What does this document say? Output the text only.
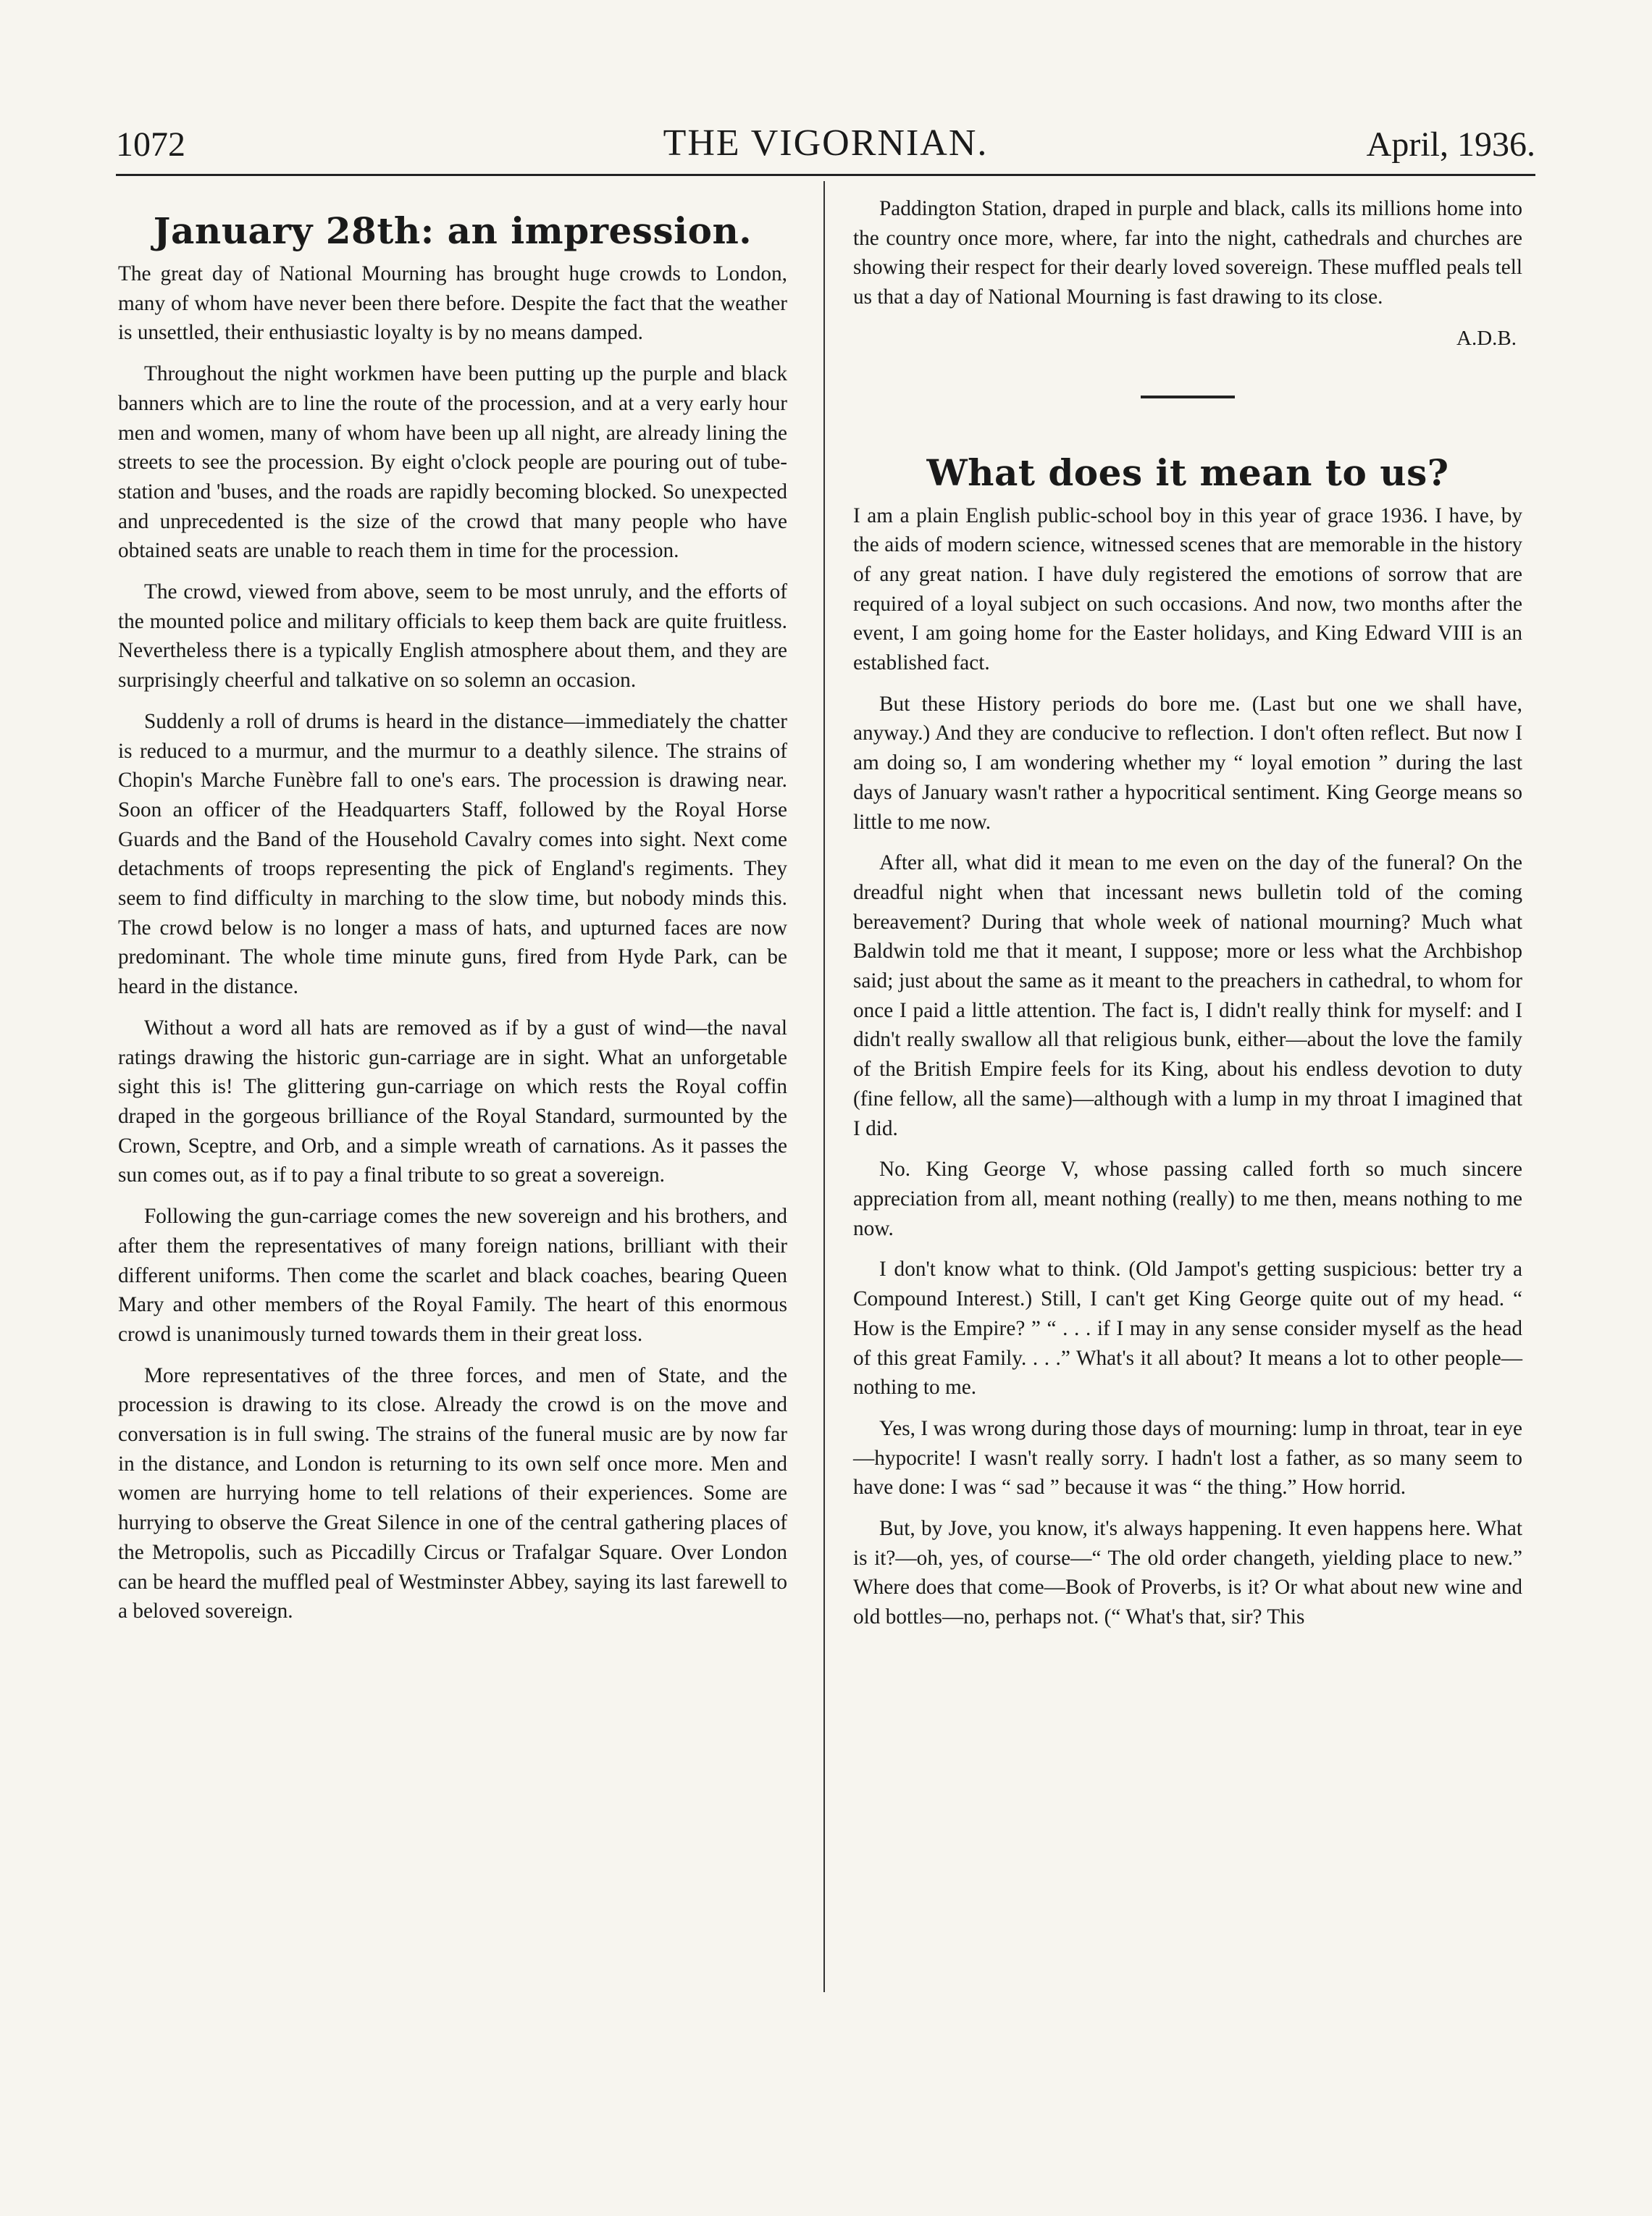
1072	THE VIGORNIAN.	April, 1936.
January 28th: an impression.

The great day of National Mourning has brought huge crowds to London, many of whom have never been there before. Despite the fact that the weather is unsettled, their enthusiastic loyalty is by no means damped.

Throughout the night workmen have been putting up the purple and black banners which are to line the route of the procession, and at a very early hour men and women, many of whom have been up all night, are already lining the streets to see the procession. By eight o'clock people are pouring out of tube-station and 'buses, and the roads are rapidly becoming blocked. So unexpected and unprecedented is the size of the crowd that many people who have obtained seats are unable to reach them in time for the procession.

The crowd, viewed from above, seem to be most unruly, and the efforts of the mounted police and military officials to keep them back are quite fruitless. Nevertheless there is a typically English atmosphere about them, and they are surprisingly cheerful and talkative on so solemn an occasion.

Suddenly a roll of drums is heard in the distance—immediately the chatter is reduced to a murmur, and the murmur to a deathly silence. The strains of Chopin's Marche Funèbre fall to one's ears. The procession is drawing near. Soon an officer of the Headquarters Staff, followed by the Royal Horse Guards and the Band of the Household Cavalry comes into sight. Next come detachments of troops representing the pick of England's regiments. They seem to find difficulty in marching to the slow time, but nobody minds this. The crowd below is no longer a mass of hats, and upturned faces are now predominant. The whole time minute guns, fired from Hyde Park, can be heard in the distance.

Without a word all hats are removed as if by a gust of wind—the naval ratings drawing the historic gun-carriage are in sight. What an unforgetable sight this is! The glittering gun-carriage on which rests the Royal coffin draped in the gorgeous brilliance of the Royal Standard, surmounted by the Crown, Sceptre, and Orb, and a simple wreath of carnations. As it passes the sun comes out, as if to pay a final tribute to so great a sovereign.

Following the gun-carriage comes the new sovereign and his brothers, and after them the representatives of many foreign nations, brilliant with their different uniforms. Then come the scarlet and black coaches, bearing Queen Mary and other members of the Royal Family. The heart of this enormous crowd is unanimously turned towards them in their great loss.

More representatives of the three forces, and men of State, and the procession is drawing to its close. Already the crowd is on the move and conversation is in full swing. The strains of the funeral music are by now far in the distance, and London is returning to its own self once more. Men and women are hurrying home to tell relations of their experiences. Some are hurrying to observe the Great Silence in one of the central gathering places of the Metropolis, such as Piccadilly Circus or Trafalgar Square. Over London can be heard the muffled peal of Westminster Abbey, saying its last farewell to a beloved sovereign.

Paddington Station, draped in purple and black, calls its millions home into the country once more, where, far into the night, cathedrals and churches are showing their respect for their dearly loved sovereign. These muffled peals tell us that a day of National Mourning is fast drawing to its close.

A.D.B.
What does it mean to us?

I am a plain English public-school boy in this year of grace 1936. I have, by the aids of modern science, witnessed scenes that are memorable in the history of any great nation. I have duly registered the emotions of sorrow that are required of a loyal subject on such occasions. And now, two months after the event, I am going home for the Easter holidays, and King Edward VIII is an established fact.

But these History periods do bore me. (Last but one we shall have, anyway.) And they are conducive to reflection. I don't often reflect. But now I am doing so, I am wondering whether my “ loyal emotion ” during the last days of January wasn't rather a hypocritical sentiment. King George means so little to me now.

After all, what did it mean to me even on the day of the funeral? On the dreadful night when that incessant news bulletin told of the coming bereavement? During that whole week of national mourning? Much what Baldwin told me that it meant, I suppose; more or less what the Archbishop said; just about the same as it meant to the preachers in cathedral, to whom for once I paid a little attention. The fact is, I didn't really think for myself: and I didn't really swallow all that religious bunk, either—about the love the family of the British Empire feels for its King, about his endless devotion to duty (fine fellow, all the same)—although with a lump in my throat I imagined that I did.

No. King George V, whose passing called forth so much sincere appreciation from all, meant nothing (really) to me then, means nothing to me now.

I don't know what to think. (Old Jampot's getting suspicious: better try a Compound Interest.) Still, I can't get King George quite out of my head. “ How is the Empire? ” “ . . . if I may in any sense consider myself as the head of this great Family. . . .” What's it all about? It means a lot to other people—nothing to me.

Yes, I was wrong during those days of mourning: lump in throat, tear in eye—hypocrite! I wasn't really sorry. I hadn't lost a father, as so many seem to have done: I was “ sad ” because it was “ the thing.” How horrid.

But, by Jove, you know, it's always happening. It even happens here. What is it?—oh, yes, of course—“ The old order changeth, yielding place to new.” Where does that come—Book of Proverbs, is it? Or what about new wine and old bottles—no, perhaps not. (“ What's that, sir? This
